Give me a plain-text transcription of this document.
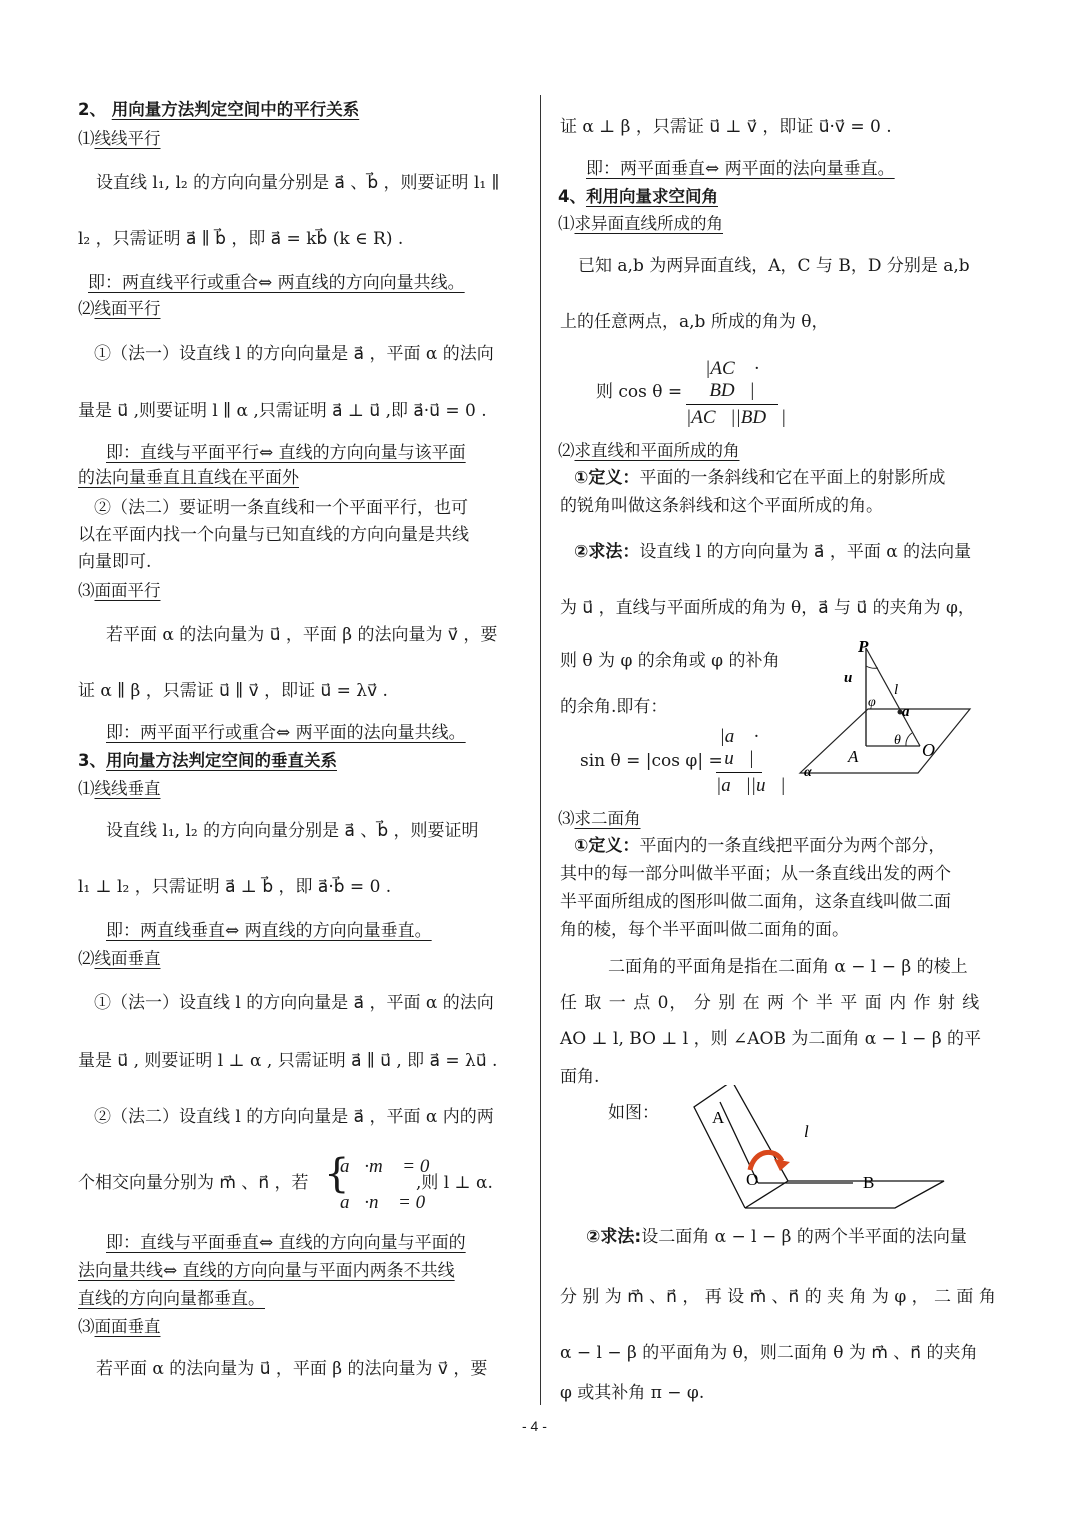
2、 用向量方法判定空间中的平行关系
⑴线线平行
设直线 l₁, l₂ 的方向向量分别是 a⃗ 、b⃗ ，则要证明 l₁ ∥
l₂ ，只需证明 a⃗ ∥ b⃗ ，即 a⃗ = kb⃗ (k ∈ R) .
即：两直线平行或重合⇔ 两直线的方向向量共线。
⑵线面平行
①（法一）设直线 l 的方向向量是 a⃗ ，平面 α 的法向
量是 u⃗ ,则要证明 l ∥ α ,只需证明 a⃗ ⊥ u⃗ ,即 a⃗·u⃗ = 0 .
即：直线与平面平行⇔ 直线的方向向量与该平面
的法向量垂直且直线在平面外
②（法二）要证明一条直线和一个平面平行，也可
以在平面内找一个向量与已知直线的方向向量是共线
向量即可.
⑶面面平行
若平面 α 的法向量为 u⃗ ，平面 β 的法向量为 v⃗ ，要
证 α ∥ β ，只需证 u⃗ ∥ v⃗ ，即证 u⃗ = λv⃗ .
即：两平面平行或重合⇔ 两平面的法向量共线。
3、用向量方法判定空间的垂直关系
⑴线线垂直
设直线 l₁, l₂ 的方向向量分别是 a⃗ 、b⃗ ，则要证明
l₁ ⊥ l₂ ，只需证明 a⃗ ⊥ b⃗ ，即 a⃗·b⃗ = 0 .
即：两直线垂直⇔ 两直线的方向向量垂直。
⑵线面垂直
①（法一）设直线 l 的方向向量是 a⃗ ，平面 α 的法向
量是 u⃗ , 则要证明 l ⊥ α , 只需证明 a⃗ ∥ u⃗ , 即 a⃗ = λu⃗ .
②（法二）设直线 l 的方向向量是 a⃗ ，平面 α 内的两
个相交向量分别为 m⃗ 、n⃗ ，若 {
a⃗·m⃗ = 0
a⃗·n⃗ = 0
,则 l ⊥ α.
即：直线与平面垂直⇔ 直线的方向向量与平面的
法向量共线⇔ 直线的方向向量与平面内两条不共线
直线的方向向量都垂直。
⑶面面垂直
若平面 α 的法向量为 u⃗ ，平面 β 的法向量为 v⃗ ，要
证 α ⊥ β ，只需证 u⃗ ⊥ v⃗ ，即证 u⃗·v⃗ = 0 .
即：两平面垂直⇔ 两平面的法向量垂直。
4、利用向量求空间角
⑴求异面直线所成的角
已知 a,b 为两异面直线，A，C 与 B，D 分别是 a,b
上的任意两点，a,b 所成的角为 θ，
则 cos θ =
|AC⃗ · BD⃗|
|AC⃗||BD⃗|
⑵求直线和平面所成的角
①定义：平面的一条斜线和它在平面上的射影所成
的锐角叫做这条斜线和这个平面所成的角。
②求法：设直线 l 的方向向量为 a⃗ ，平面 α 的法向量
为 u⃗ ，直线与平面所成的角为 θ，a⃗ 与 u⃗ 的夹角为 φ，
则 θ 为 φ 的余角或 φ 的补角
的余角.即有：
sin θ = |cos φ| =
|a⃗ · u⃗|
|a⃗||u⃗|
⑶求二面角
①定义：平面内的一条直线把平面分为两个部分，
其中的每一部分叫做半平面；从一条直线出发的两个
半平面所组成的图形叫做二面角，这条直线叫做二面
角的棱，每个半平面叫做二面角的面。
二面角的平面角是指在二面角 α − l − β 的棱上
任 取 一 点 0， 分 别 在 两 个 半 平 面 内 作 射 线
AO ⊥ l, BO ⊥ l ，则 ∠AOB 为二面角 α − l − β 的平
面角.
如图：
②求法:设二面角 α − l − β 的两个半平面的法向量
分 别 为 m⃗ 、n⃗ ， 再 设 m⃗ 、n⃗ 的 夹 角 为 φ ， 二 面 角
α − l − β 的平面角为 θ，则二面角 θ 为 m⃗ 、n⃗ 的夹角
φ 或其补角 π − φ.
P
u
φ
l
a
θ
A	O
α
A
l
O	B
- 4 -
